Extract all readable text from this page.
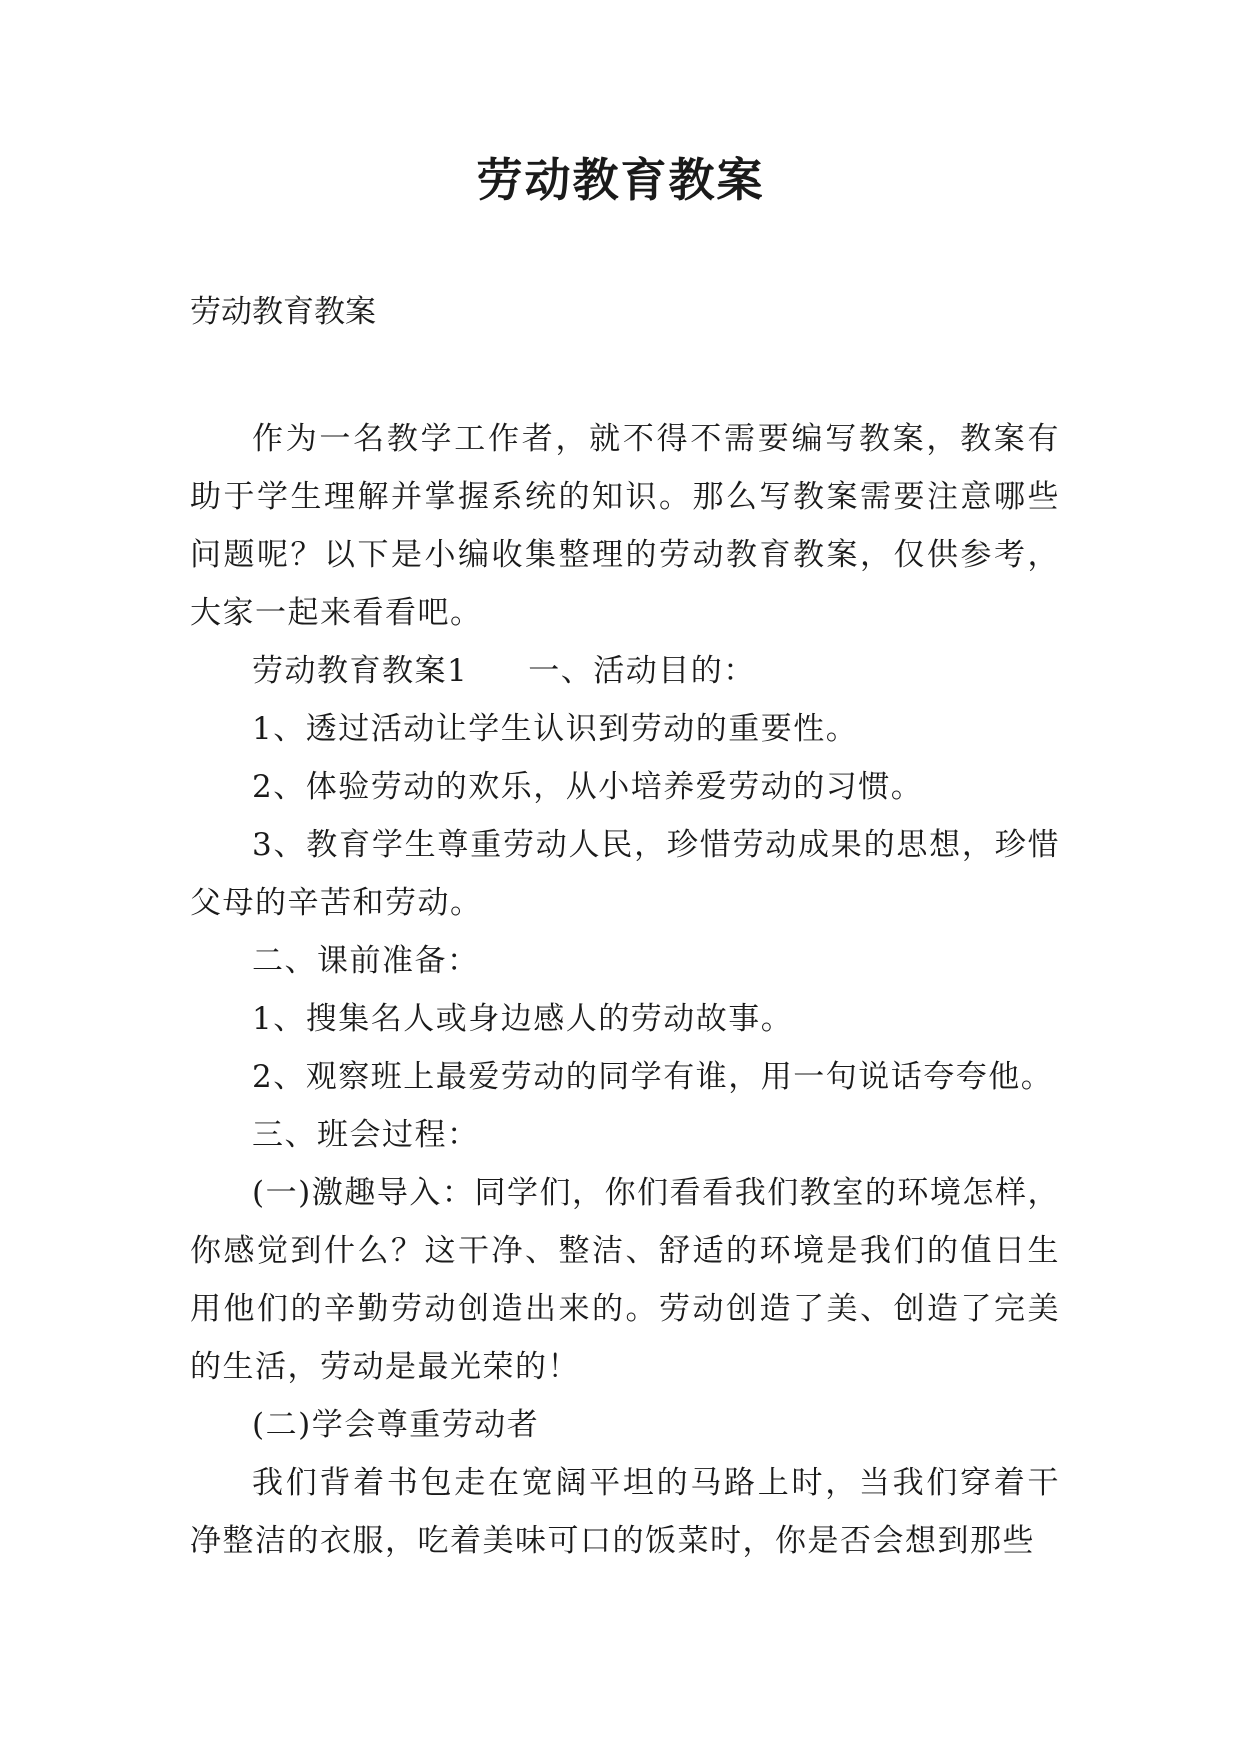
劳动教育教案

劳动教育教案

作为一名教学工作者，就不得不需要编写教案，教案有助于学生理解并掌握系统的知识。那么写教案需要注意哪些问题呢？以下是小编收集整理的劳动教育教案，仅供参考，大家一起来看看吧。

劳动教育教案1 一、活动目的：

1、透过活动让学生认识到劳动的重要性。

2、体验劳动的欢乐，从小培养爱劳动的习惯。

3、教育学生尊重劳动人民，珍惜劳动成果的思想，珍惜父母的辛苦和劳动。

二、课前准备：

1、搜集名人或身边感人的劳动故事。

2、观察班上最爱劳动的同学有谁，用一句说话夸夸他。

三、班会过程：

(一)激趣导入：同学们，你们看看我们教室的环境怎样，你感觉到什么？这干净、整洁、舒适的环境是我们的值日生用他们的辛勤劳动创造出来的。劳动创造了美、创造了完美的生活，劳动是最光荣的！

(二)学会尊重劳动者

我们背着书包走在宽阔平坦的马路上时，当我们穿着干净整洁的衣服，吃着美味可口的饭菜时，你是否会想到那些
